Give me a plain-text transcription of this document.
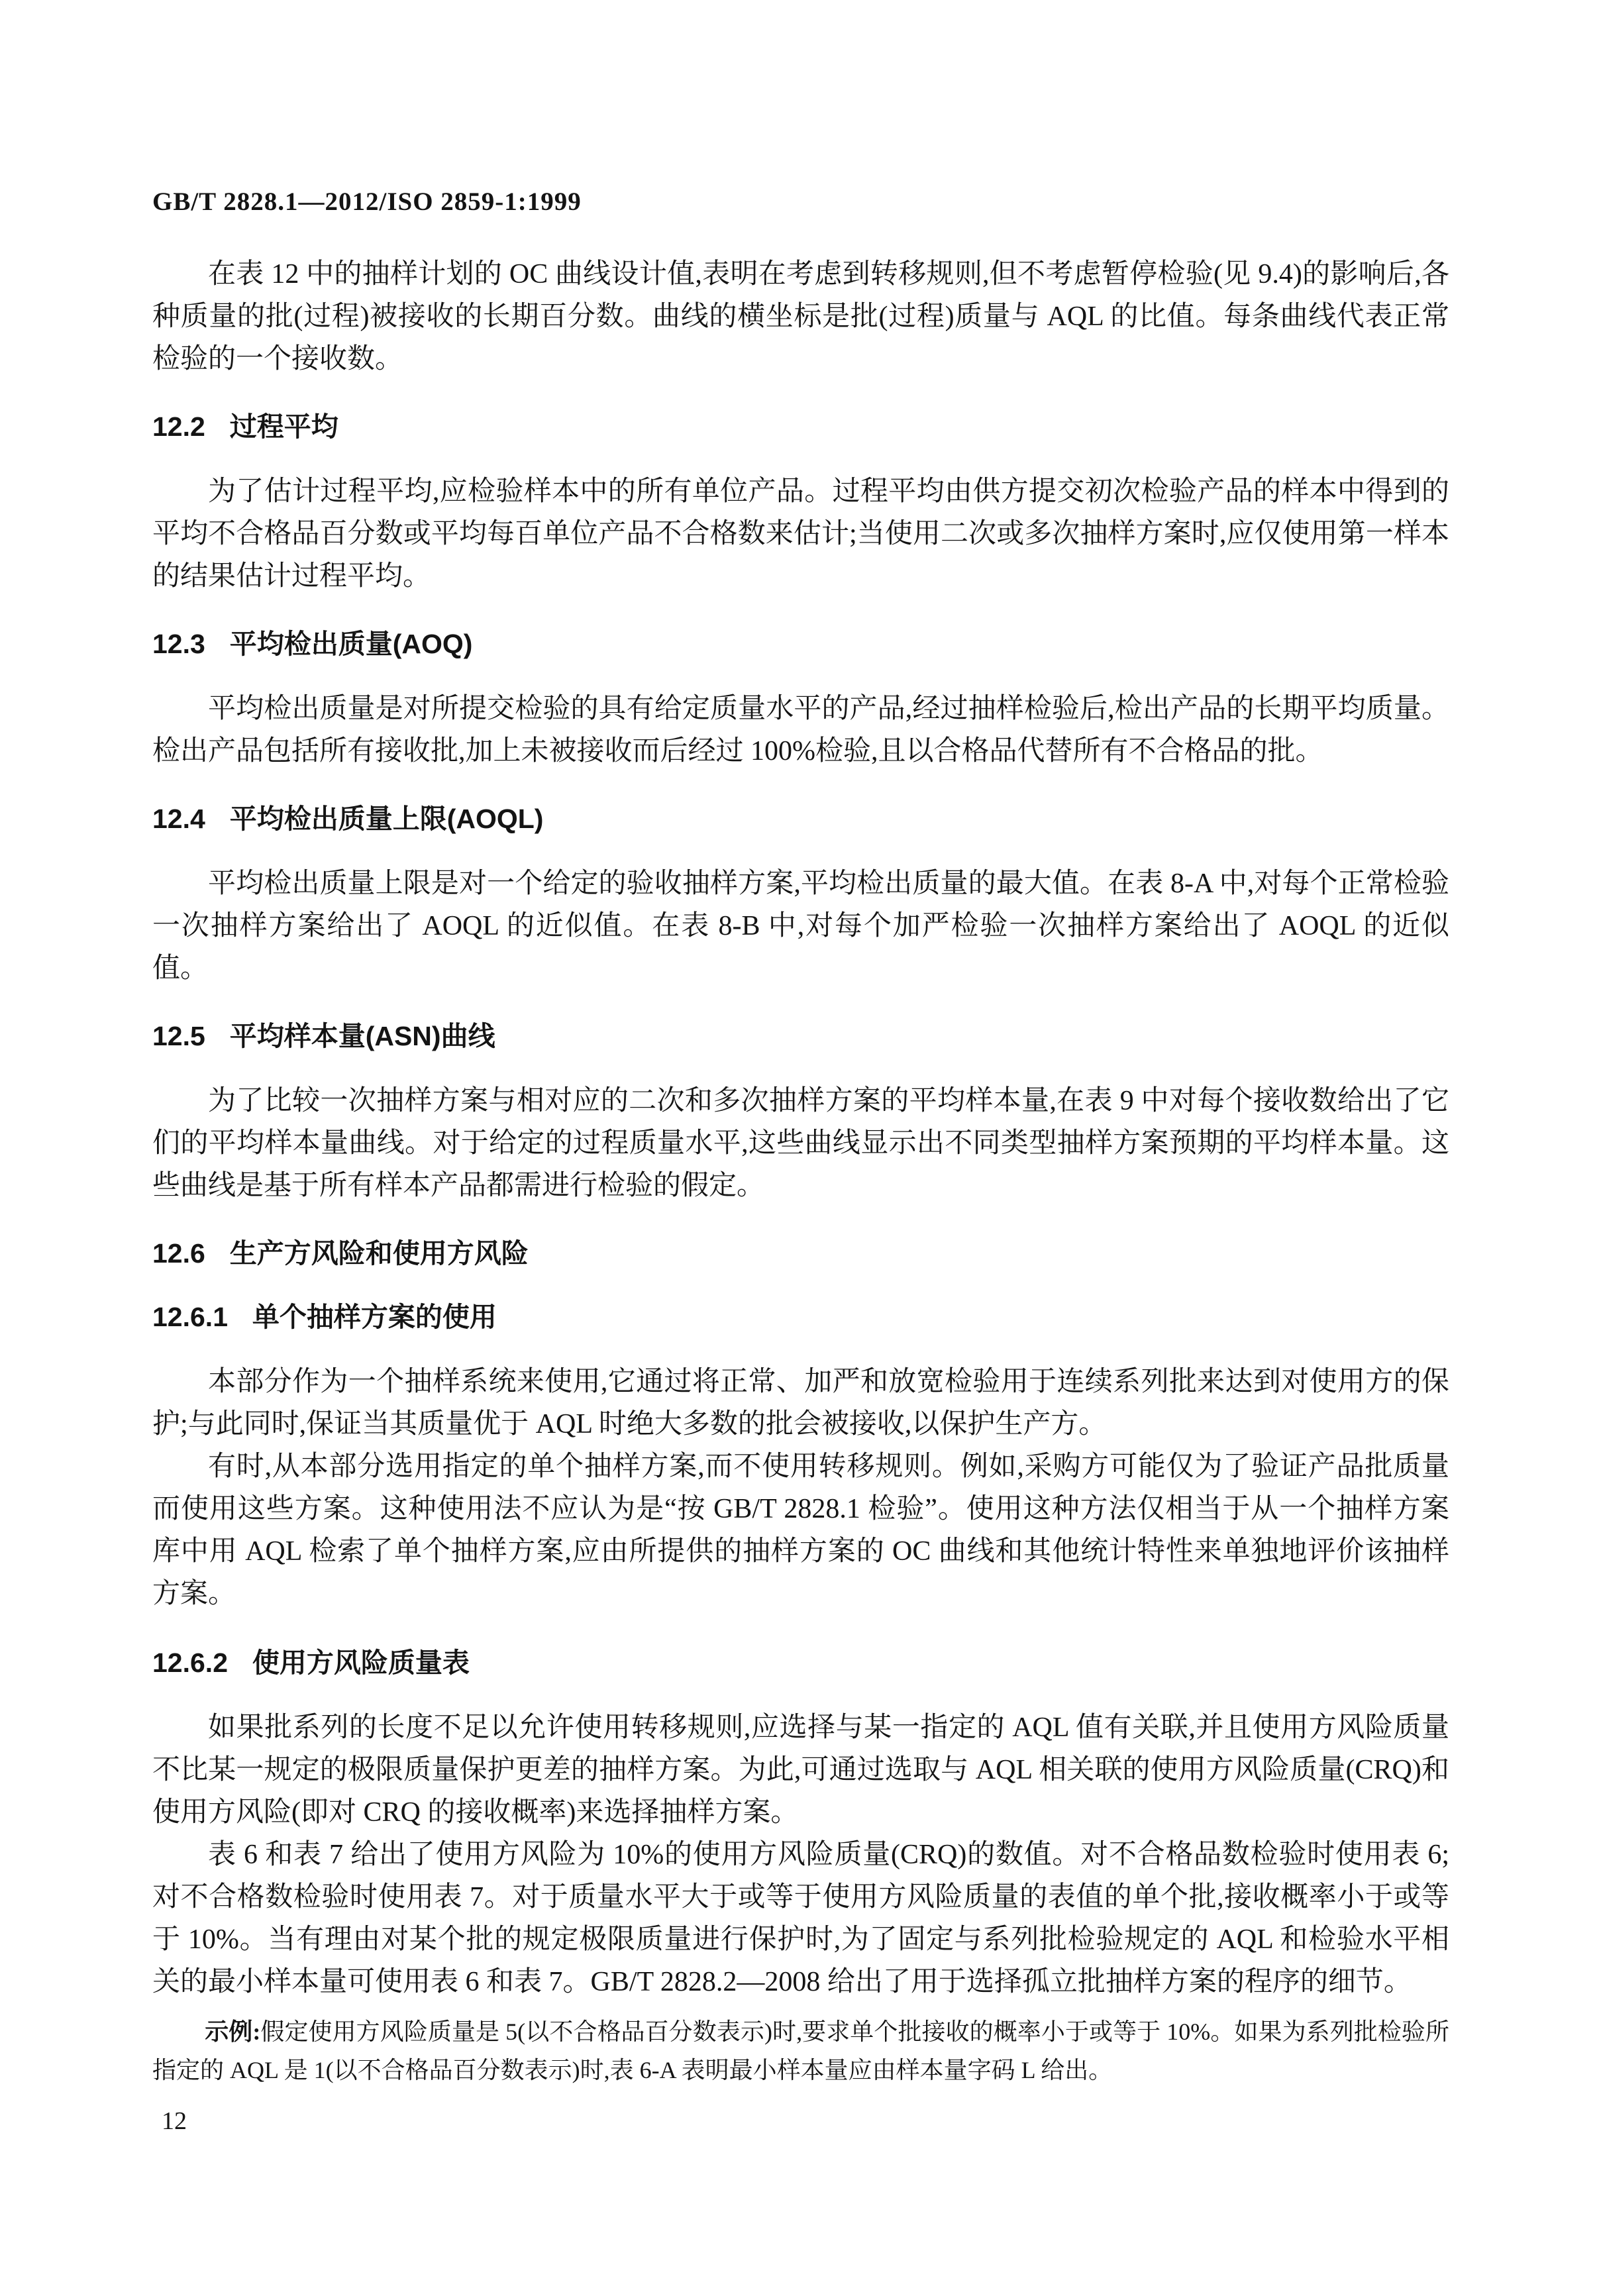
GB/T 2828.1—2012/ISO 2859-1:1999

在表 12 中的抽样计划的 OC 曲线设计值,表明在考虑到转移规则,但不考虑暂停检验(见 9.4)的影响后,各种质量的批(过程)被接收的长期百分数。曲线的横坐标是批(过程)质量与 AQL 的比值。每条曲线代表正常检验的一个接收数。

12.2 过程平均

为了估计过程平均,应检验样本中的所有单位产品。过程平均由供方提交初次检验产品的样本中得到的平均不合格品百分数或平均每百单位产品不合格数来估计;当使用二次或多次抽样方案时,应仅使用第一样本的结果估计过程平均。

12.3 平均检出质量(AOQ)

平均检出质量是对所提交检验的具有给定质量水平的产品,经过抽样检验后,检出产品的长期平均质量。检出产品包括所有接收批,加上未被接收而后经过 100%检验,且以合格品代替所有不合格品的批。

12.4 平均检出质量上限(AOQL)

平均检出质量上限是对一个给定的验收抽样方案,平均检出质量的最大值。在表 8-A 中,对每个正常检验一次抽样方案给出了 AOQL 的近似值。在表 8-B 中,对每个加严检验一次抽样方案给出了 AOQL 的近似值。

12.5 平均样本量(ASN)曲线

为了比较一次抽样方案与相对应的二次和多次抽样方案的平均样本量,在表 9 中对每个接收数给出了它们的平均样本量曲线。对于给定的过程质量水平,这些曲线显示出不同类型抽样方案预期的平均样本量。这些曲线是基于所有样本产品都需进行检验的假定。

12.6 生产方风险和使用方风险
12.6.1 单个抽样方案的使用

本部分作为一个抽样系统来使用,它通过将正常、加严和放宽检验用于连续系列批来达到对使用方的保护;与此同时,保证当其质量优于 AQL 时绝大多数的批会被接收,以保护生产方。

有时,从本部分选用指定的单个抽样方案,而不使用转移规则。例如,采购方可能仅为了验证产品批质量而使用这些方案。这种使用法不应认为是“按 GB/T 2828.1 检验”。使用这种方法仅相当于从一个抽样方案库中用 AQL 检索了单个抽样方案,应由所提供的抽样方案的 OC 曲线和其他统计特性来单独地评价该抽样方案。

12.6.2 使用方风险质量表

如果批系列的长度不足以允许使用转移规则,应选择与某一指定的 AQL 值有关联,并且使用方风险质量不比某一规定的极限质量保护更差的抽样方案。为此,可通过选取与 AQL 相关联的使用方风险质量(CRQ)和使用方风险(即对 CRQ 的接收概率)来选择抽样方案。

表 6 和表 7 给出了使用方风险为 10%的使用方风险质量(CRQ)的数值。对不合格品数检验时使用表 6;对不合格数检验时使用表 7。对于质量水平大于或等于使用方风险质量的表值的单个批,接收概率小于或等于 10%。当有理由对某个批的规定极限质量进行保护时,为了固定与系列批检验规定的 AQL 和检验水平相关的最小样本量可使用表 6 和表 7。GB/T 2828.2—2008 给出了用于选择孤立批抽样方案的程序的细节。

示例:假定使用方风险质量是 5(以不合格品百分数表示)时,要求单个批接收的概率小于或等于 10%。如果为系列批检验所指定的 AQL 是 1(以不合格品百分数表示)时,表 6-A 表明最小样本量应由样本量字码 L 给出。
12
